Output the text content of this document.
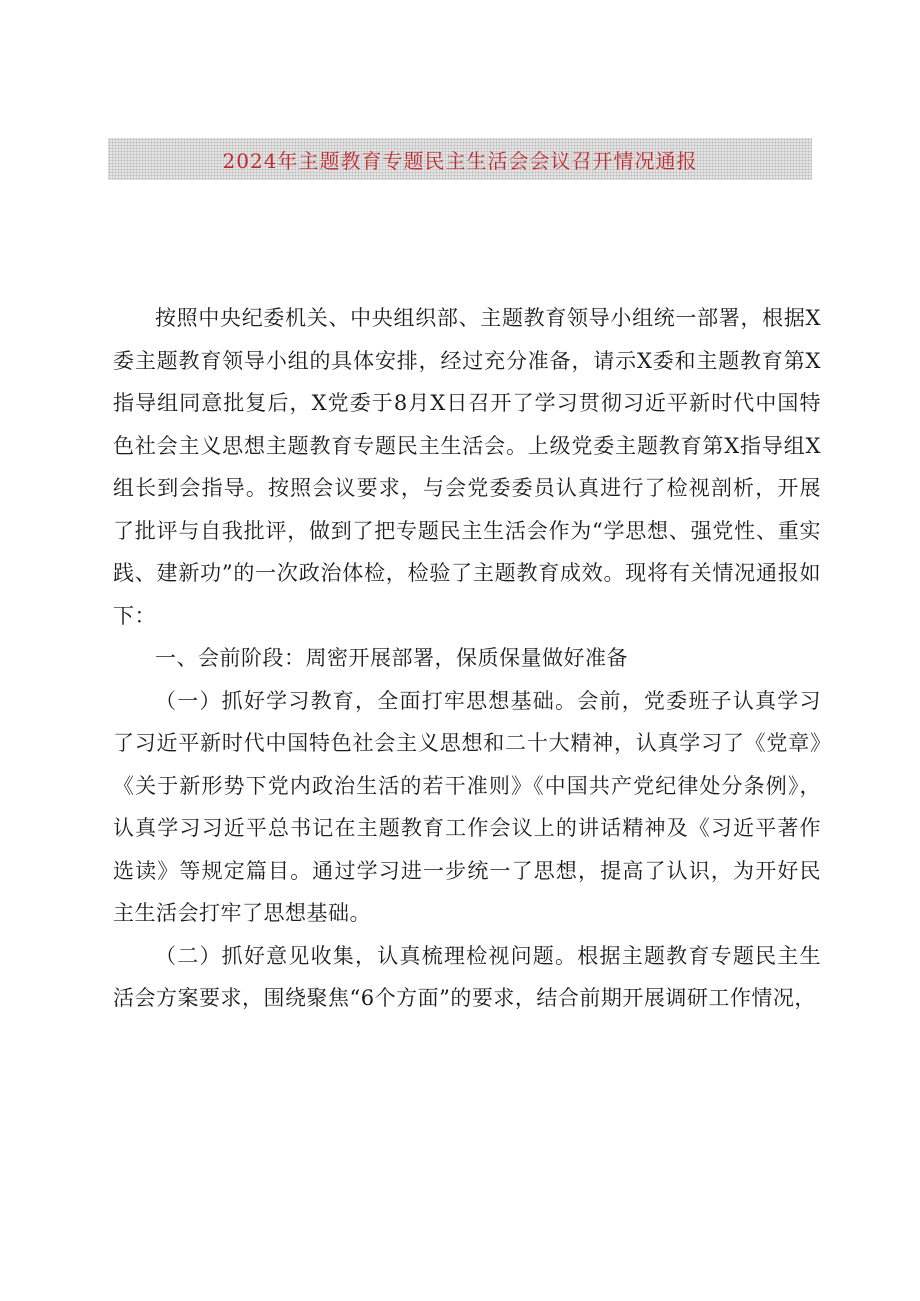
2024年主题教育专题民主生活会会议召开情况通报

按照中央纪委机关、中央组织部、主题教育领导小组统一部署，根据X委主题教育领导小组的具体安排，经过充分准备，请示X委和主题教育第X指导组同意批复后，X党委于8月X日召开了学习贯彻习近平新时代中国特色社会主义思想主题教育专题民主生活会。上级党委主题教育第X指导组X组长到会指导。按照会议要求，与会党委委员认真进行了检视剖析，开展了批评与自我批评，做到了把专题民主生活会作为“学思想、强党性、重实践、建新功”的一次政治体检，检验了主题教育成效。现将有关情况通报如下：

一、会前阶段：周密开展部署，保质保量做好准备

（一）抓好学习教育，全面打牢思想基础。会前，党委班子认真学习了习近平新时代中国特色社会主义思想和二十大精神，认真学习了《党章》《关于新形势下党内政治生活的若干准则》《中国共产党纪律处分条例》，认真学习习近平总书记在主题教育工作会议上的讲话精神及《习近平著作选读》等规定篇目。通过学习进一步统一了思想，提高了认识，为开好民主生活会打牢了思想基础。

（二）抓好意见收集，认真梳理检视问题。根据主题教育专题民主生活会方案要求，围绕聚焦“6个方面”的要求，结合前期开展调研工作情况，
